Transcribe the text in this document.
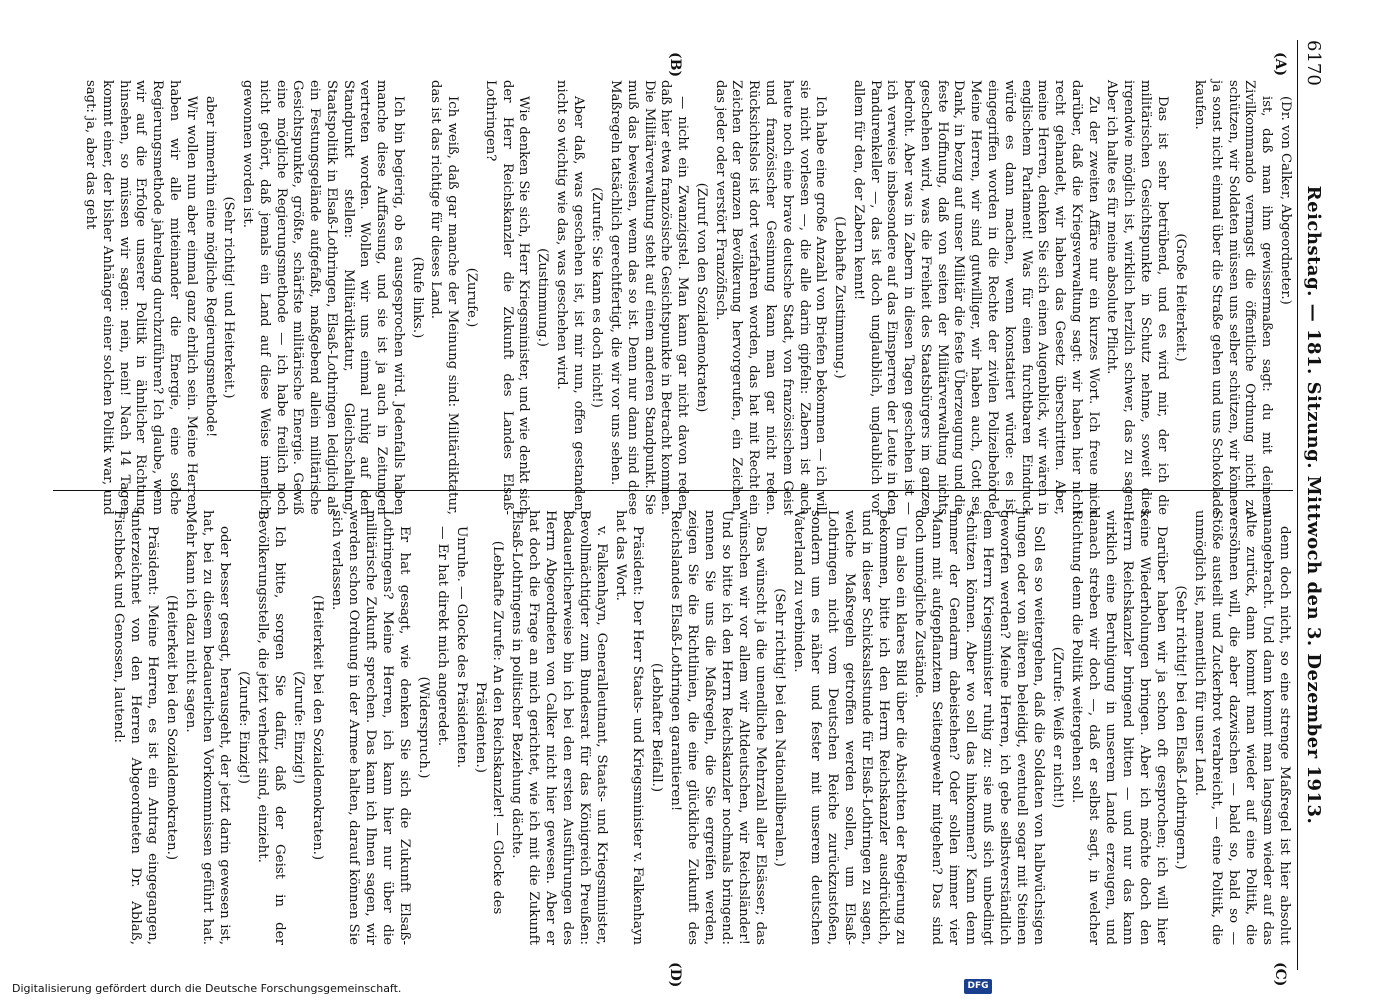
6170
Reichstag. — 181. Sitzung. Mittwoch den 3. Dezember 1913.
(A)
(B)
(C)
(D)

(Dr. von Calker, Abgeordneter.)

ist, daß man ihm gewissermaßen sagt: du mit deinem Zivilkommando vermagst die öffentliche Ordnung nicht zu schützen, wir Soldaten müssen uns selber schützen, wir können ja sonst nicht einmal über die Straße gehen und uns Schokolade kaufen.

(Große Heiterkeit.)

Das ist sehr betrübend, und es wird mir, der ich die militärischen Gesichtspunkte in Schutz nehme, soweit dies irgendwie möglich ist, wirklich herzlich schwer, das zu sagen. Aber ich halte es für meine absolute Pflicht.

Zu der zweiten Affäre nur ein kurzes Wort. Ich freue mich darüber, daß die Kriegsverwaltung sagt: wir haben hier nicht recht gehandelt, wir haben das Gesetz überschritten. Aber, meine Herren, denken Sie sich einen Augenblick, wir wären in englischem Parlament! Was für einen furchtbaren Eindruck würde es dann machen, wenn konstatiert würde: es ist eingegriffen worden in die Rechte der zivilen Polizeibehörde! Meine Herren, wir sind gutwilliger, wir haben auch, Gott sei Dank, in bezug auf unser Militär die feste Überzeugung und die feste Hoffnung, daß von seiten der Militärverwaltung nichts geschehen wird, was die Freiheit des Staatsbürgers im ganzen bedroht. Aber was in Zabern in diesen Tagen geschehen ist — ich verweise insbesondere auf das Einsperren der Leute in den Pandurenkeller —, das ist doch unglaublich, unglaublich vor allem für den, der Zabern kennt!

(Lebhafte Zustimmung.)

Ich habe eine große Anzahl von Briefen bekommen — ich will sie nicht vorlesen —, die alle darin gipfeln: Zabern ist auch heute noch eine brave deutsche Stadt, von französischem Geist und französischer Gesinnung kann man gar nicht reden. Rücksichtslos ist dort verfahren worden, das hat mit Recht ein Zeichen der ganzen Bevölkerung hervorgerufen, ein Zeichen, das jeder oder verstört Franzöfisch.

(Zuruf von den Sozialdemokraten)

— nicht ein Zwanzigstel. Man kann gar nicht davon reden, daß hier etwa französische Gesichtspunkte in Betracht kommen. Die Militärverwaltung steht auf einem anderen Standpunkt. Sie muß das beweisen, wenn das so ist. Denn nur dann sind diese Maßregeln tatsächlich gerechtfertigt, die wir vor uns sehen.

(Zurufe: Sie kann es doch nicht!)

Aber daß, was geschehen ist, ist mir nun, offen gestanden, nicht so wichtig wie das, was geschehen wird.

(Zustimmung.)

Wie denken Sie sich, Herr Kriegsminister, und wie denkt sich der Herr Reichskanzler die Zukunft des Landes Elsaß-Lothringen?

(Zurufe.)

Ich weiß, daß gar manche der Meinung sind: Militärdiktatur, das ist das richtige für dieses Land.

(Rufe links.)

Ich bin begierig, ob es ausgesprochen wird. Jedenfalls haben manche diese Auffassung, und sie ist ja auch in Zeitungen vertreten worden. Wollen wir uns einmal ruhig auf den Standpunkt stellen: Militärdiktatur, Gleichschaltung, Staatspolitik in Elsaß-Lothringen, Elsaß-Lothringen lediglich als ein Festungsgelände aufgefaßt, maßgebend allein militärische Gesichtspunkte, größte, schärfste militärische Energie. Gewiß eine mögliche Regierungsmethode — ich habe freilich noch nicht gehört, daß jemals ein Land auf diese Weise innerlich gewonnen worden ist.

(Sehr richtig! und Heiterkeit.)

aber immerhin eine mögliche Regierungsmethode!

Wir wollen nun aber einmal ganz ehrlich sein. Meine Herren, haben wir alle miteinander die Energie, eine solche Regierungsmethode jahrelang durchzuführen? Ich glaube, wenn wir auf die Erfolge unserer Politik in ähnlicher Richtung hinsehen, so müssen wir sagen: nein, nein! Nach 14 Tagen kommt einer, der bisher Anhänger einer solchen Politik war, und sagt: ja, aber das geht

denn doch nicht, so eine strenge Maßregel ist hier absolut unangebracht. Und dann kommt man langsam wieder auf das Alte zurück, dann kommt man wieder auf eine Politik, die versöhnen will, die aber dazwischen — bald so, bald so — Stöße austeilt und Zuckerbrot verabreicht, — eine Politik, die unmöglich ist, namentlich für unser Land.

(Sehr richtig! bei den Elsaß-Lothringern.)

Darüber haben wir ja schon oft gesprochen; ich will hier keine Wiederholungen bringen. Aber ich möchte doch den Herrn Reichskanzler bringend bitten — und nur das kann wirklich eine Beruhigung in unserem Lande erzeugen, und danach streben wir doch —, daß er selbst sagt, in welcher Richtung denn die Politik weitergehen soll.

(Zurufe: Weiß er nicht!)

Soll es so weitergehen, daß die Soldaten von halbwüchsigen Jungen oder von älteren beleidigt, eventuell sogar mit Steinen geworfen werden? Meine Herren, ich gebe selbstverständlich dem Herrn Kriegsminister ruhig zu: sie muß sich unbedingt schützen können. Aber wo soll das hinkommen? Kann denn immer der Gendarm dabeistehen? Oder sollen immer vier Mann mit aufgepflanztem Seitengewehr mitgehen? Das sind doch unmögliche Zustände.

Um also ein klares Bild über die Absichten der Regierung zu bekommen, bitte ich den Herrn Reichskanzler ausdrücklich, und in dieser Schicksalsstunde für Elsaß-Lothringen zu sagen, welche Maßregeln getroffen werden sollen, um Elsaß-Lothringen nicht vom Deutschen Reiche zurückzustoßen, sondern um es näher und fester mit unserem deutschen Vaterland zu verbinden.

(Sehr richtig! bei den Nationalliberalen.)

Das wünscht ja die unendliche Mehrzahl aller Elsässer; das wünschen wir vor allem wir Altdeutschen, wir Reichsländer! Und so bitte ich den Herrn Reichskanzler nochmals bringend: nennen Sie uns die Maßregeln, die Sie ergreifen werden, zeigen Sie die Richtlinien, die eine glückliche Zukunft des Reichslandes Elsaß-Lothringen garantieren!

(Lebhafter Beifall.)

Präsident: Der Herr Staats- und Kriegsminister v. Falkenhayn hat das Wort.

v. Falkenhayn, Generalleutnant, Staats- und Kriegsminister, Bevollmächtigter zum Bundesrat für das Königreich Preußen: Bedauerlicherweise bin ich bei den ersten Ausführungen des Herrn Abgeordneten von Calker nicht hier gewesen. Aber er hat doch die Frage an mich gerichtet, wie ich mit die Zukunft Elsaß-Lothringens in politischer Beziehung dächte.

(Lebhafte Zurufe: An den Reichskanzler! — Glocke des Präsidenten.)

Unruhe. — Glocke des Präsidenten.

— Er hat direkt mich angeredet.

(Widerspruch.)

Er hat gesagt, wie denken Sie sich die Zukunft Elsaß-Lothringens? Meine Herren, ich kann hier nur über die militärische Zukunft sprechen. Das kann ich Ihnen sagen, wir werden schon Ordnung in der Armee halten, darauf können Sie sich verlassen.

(Heiterkeit bei den Sozialdemokraten.)

(Zurufe: Einzig!)

Ich bitte, sorgen Sie dafür, daß der Geist in der Bevölkerungsstelle, die jetzt verhetzt sind, einzieht.

(Zurufe: Einzig!)

oder besser gesagt, herausgeht, der jetzt darin gewesen ist, hat, bei zu diesem bedauerlichen Vorkommnissen geführt hat. Mehr kann ich dazu nicht sagen.

(Heiterkeit bei den Sozialdemokraten.)

Präsident: Meine Herren, es ist ein Antrag eingegangen, unterzeichnet von den Herren Abgeordneten Dr. Ablaß, Fischbeck und Genossen, lautend:

Digitalisierung gefördert durch die Deutsche Forschungsgemeinschaft.	DFG
